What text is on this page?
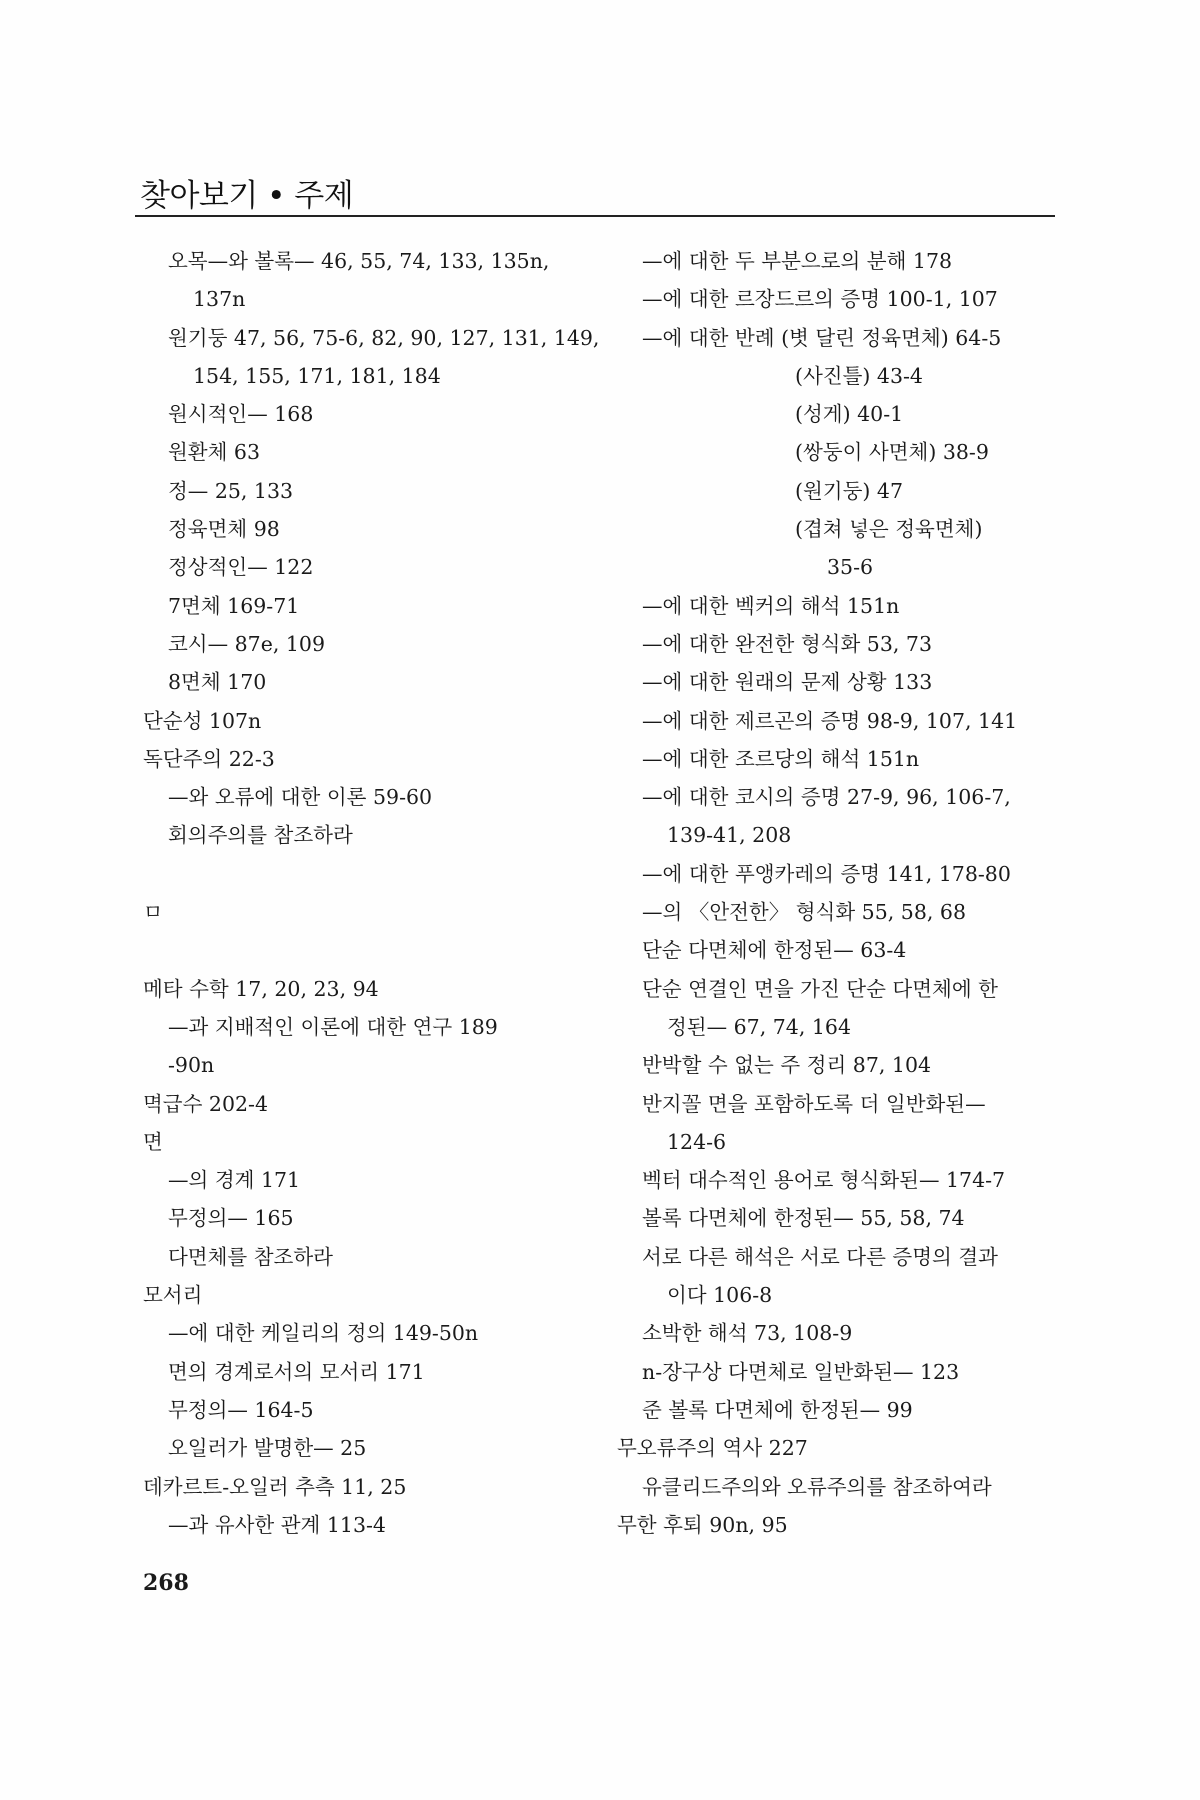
찾아보기 • 주제
오목—와 볼록— 46, 55, 74, 133, 135n,
137n
원기둥 47, 56, 75-6, 82, 90, 127, 131, 149,
154, 155, 171, 181, 184
원시적인— 168
원환체 63
정— 25, 133
정육면체 98
정상적인— 122
7면체 169-71
코시— 87e, 109
8면체 170
단순성 107n
독단주의 22-3
—와 오류에 대한 이론 59-60
회의주의를 참조하라
ㅁ
메타 수학 17, 20, 23, 94
—과 지배적인 이론에 대한 연구 189
-90n
멱급수 202-4
면
—의 경계 171
무정의— 165
다면체를 참조하라
모서리
—에 대한 케일리의 정의 149-50n
면의 경계로서의 모서리 171
무정의— 164-5
오일러가 발명한— 25
데카르트-오일러 추측 11, 25
—과 유사한 관계 113-4
—에 대한 두 부분으로의 분해 178
—에 대한 르장드르의 증명 100-1, 107
—에 대한 반례 (볏 달린 정육면체) 64-5
(사진틀) 43-4
(성게) 40-1
(쌍둥이 사면체) 38-9
(원기둥) 47
(겹쳐 넣은 정육면체)
35-6
—에 대한 벡커의 해석 151n
—에 대한 완전한 형식화 53, 73
—에 대한 원래의 문제 상황 133
—에 대한 제르곤의 증명 98-9, 107, 141
—에 대한 조르당의 해석 151n
—에 대한 코시의 증명 27-9, 96, 106-7,
139-41, 208
—에 대한 푸앵카레의 증명 141, 178-80
—의 〈안전한〉 형식화 55, 58, 68
단순 다면체에 한정된— 63-4
단순 연결인 면을 가진 단순 다면체에 한
정된— 67, 74, 164
반박할 수 없는 주 정리 87, 104
반지꼴 면을 포함하도록 더 일반화된—
124-6
벡터 대수적인 용어로 형식화된— 174-7
볼록 다면체에 한정된— 55, 58, 74
서로 다른 해석은 서로 다른 증명의 결과
이다 106-8
소박한 해석 73, 108-9
n-장구상 다면체로 일반화된— 123
준 볼록 다면체에 한정된— 99
무오류주의 역사 227
유클리드주의와 오류주의를 참조하여라
무한 후퇴 90n, 95
268
